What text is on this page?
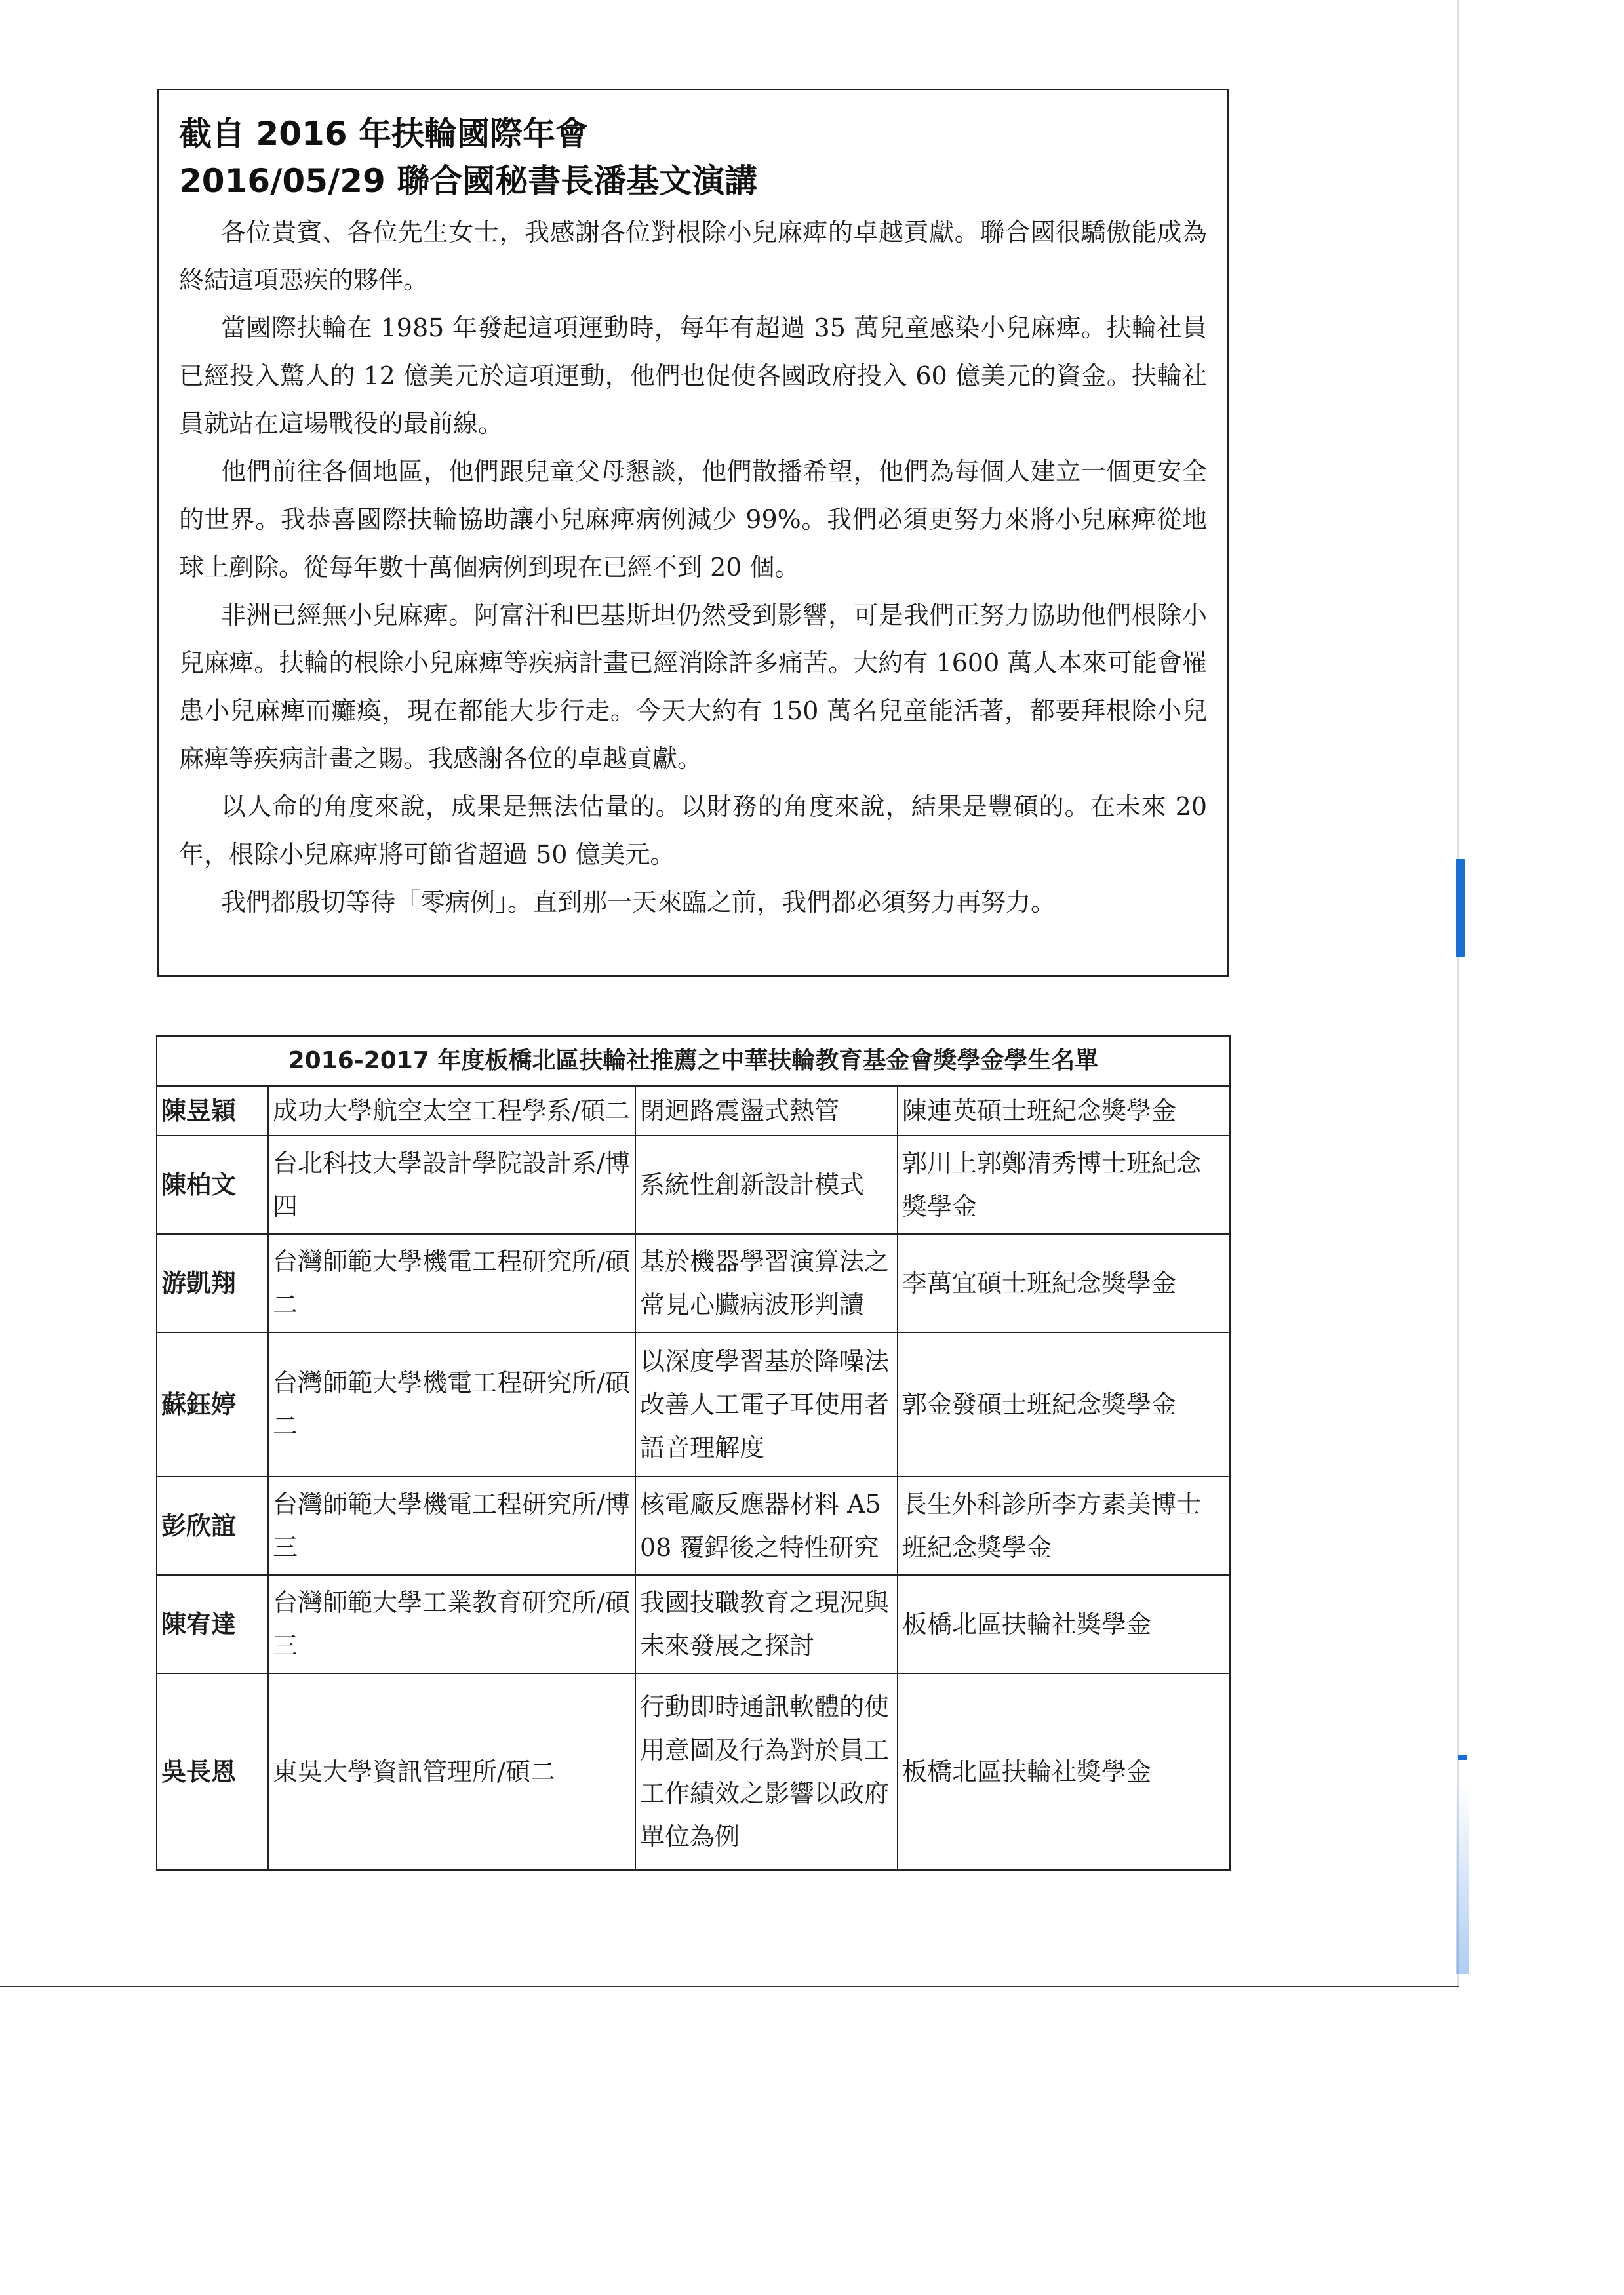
截自 2016 年扶輪國際年會
2016/05/29 聯合國秘書長潘基文演講

各位貴賓、各位先生女士，我感謝各位對根除小兒麻痺的卓越貢獻。聯合國很驕傲能成為終結這項惡疾的夥伴。

當國際扶輪在 1985 年發起這項運動時，每年有超過 35 萬兒童感染小兒麻痺。扶輪社員已經投入驚人的 12 億美元於這項運動，他們也促使各國政府投入 60 億美元的資金。扶輪社員就站在這場戰役的最前線。

他們前往各個地區，他們跟兒童父母懇談，他們散播希望，他們為每個人建立一個更安全的世界。我恭喜國際扶輪協助讓小兒麻痺病例減少 99%。我們必須更努力來將小兒麻痺從地球上剷除。從每年數十萬個病例到現在已經不到 20 個。

非洲已經無小兒麻痺。阿富汗和巴基斯坦仍然受到影響，可是我們正努力協助他們根除小兒麻痺。扶輪的根除小兒麻痺等疾病計畫已經消除許多痛苦。大約有 1600 萬人本來可能會罹患小兒麻痺而癱瘓，現在都能大步行走。今天大約有 150 萬名兒童能活著，都要拜根除小兒麻痺等疾病計畫之賜。我感謝各位的卓越貢獻。

以人命的角度來說，成果是無法估量的。以財務的角度來說，結果是豐碩的。在未來 20 年，根除小兒麻痺將可節省超過 50 億美元。

我們都殷切等待「零病例」。直到那一天來臨之前，我們都必須努力再努力。

2016-2017 年度板橋北區扶輪社推薦之中華扶輪教育基金會獎學金學生名單			
陳昱穎	成功大學航空太空工程學系/碩二	閉迴路震盪式熱管	陳連英碩士班紀念獎學金
陳柏文	台北科技大學設計學院設計系/博四	系統性創新設計模式	郭川上郭鄭清秀博士班紀念獎學金
游凱翔	台灣師範大學機電工程研究所/碩二	基於機器學習演算法之常見心臟病波形判讀	李萬宜碩士班紀念獎學金
蘇鈺婷	台灣師範大學機電工程研究所/碩二	以深度學習基於降噪法改善人工電子耳使用者語音理解度	郭金發碩士班紀念獎學金
彭欣誼	台灣師範大學機電工程研究所/博三	核電廠反應器材料 A508 覆銲後之特性研究	長生外科診所李方素美博士班紀念獎學金
陳宥達	台灣師範大學工業教育研究所/碩三	我國技職教育之現況與未來發展之探討	板橋北區扶輪社獎學金
吳長恩	東吳大學資訊管理所/碩二	行動即時通訊軟體的使用意圖及行為對於員工工作績效之影響以政府單位為例	板橋北區扶輪社獎學金
